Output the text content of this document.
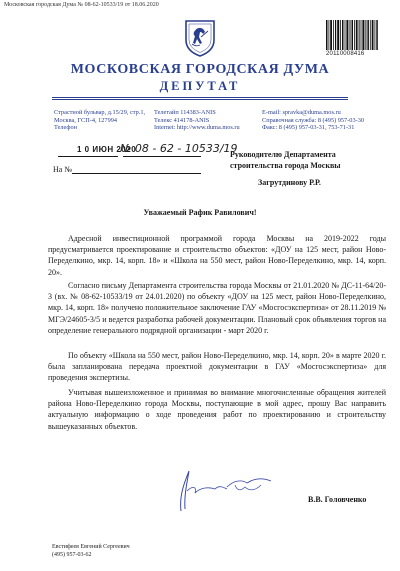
Московская городская Дума № 08-62-10533/19 от 18.06.2020
20110008416
МОСКОВСКАЯ ГОРОДСКАЯ ДУМА
ДЕПУТАТ
Страстной бульвар, д.15/29, стр.1,
Москва, ГСП-4, 127994
Телефон
Телетайп 114383-ANIS
Телекс 414178-ANIS
Internet: http://www.duma.mos.ru
E-mail: spravka@duma.mos.ru
Справочная служба: 8 (495) 957-03-30
Факс: 8 (495) 957-03-31, 753-71-31
1 0 ИЮН 2020
№ 08 - 62 - 10533/19
На №
Руководителю Департамента
строительства города Москвы
Загрутдинову Р.Р.
Уважаемый Рафик Равилович!
Адресной инвестиционной программой города Москвы на 2019-2022 годы предусматривается проектирование и строительство объектов: «ДОУ на 125 мест, район Ново-Переделкино, мкр. 14, корп. 18» и «Школа на 550 мест, район Ново-Переделкино, мкр. 14, корп. 20».
Согласно письму Департамента строительства города Москвы от 21.01.2020 № ДС-11-64/20-3 (вх. № 08-62-10533/19 от 24.01.2020) по объекту «ДОУ на 125 мест, район Ново-Переделкино, мкр. 14, корп. 18» получено положительное заключение ГАУ «Мосгосэкспертиза» от 28.11.2019 № МГЭ/24605-3/5 и ведется разработка рабочей документации. Плановый срок объявления торгов на определение генерального подрядной организации - март 2020 г.
По объекту «Школа на 550 мест, район Ново-Переделкино, мкр. 14, корп. 20» в марте 2020 г. была запланирована передача проектной документации в ГАУ «Мосгосэкспертиза» для проведения экспертизы.
Учитывая вышеизложенное и принимая во внимание многочисленные обращения жителей района Ново-Переделкино города Москвы, поступающие в мой адрес, прошу Вас направить актуальную информацию о ходе проведения работ по проектированию и строительству вышеуказанных объектов.
В.В. Головченко
Евстифеев Евгений Сергеевич
(495) 957-03-62
